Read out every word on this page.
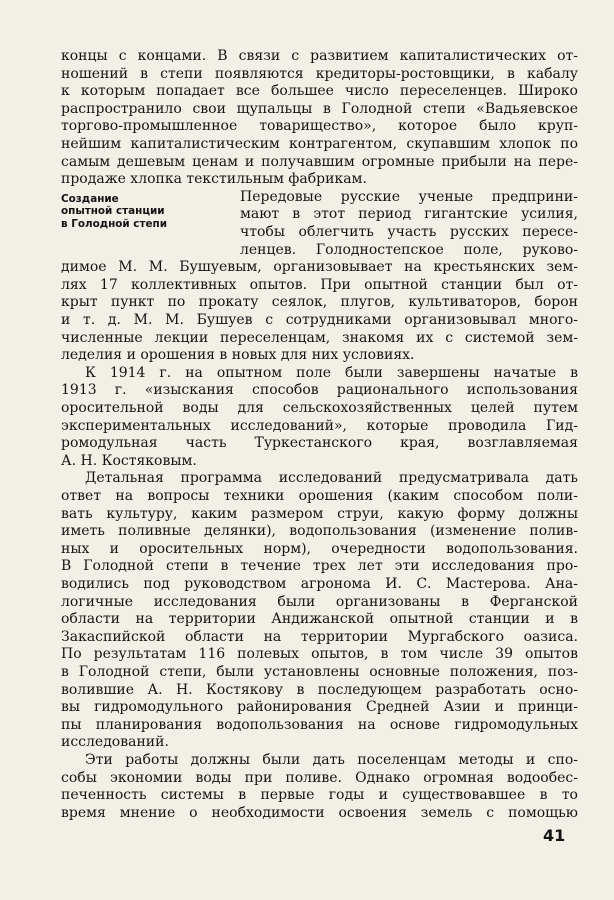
концы с концами. В связи с развитием капиталистических от-
ношений в степи появляются кредиторы-ростовщики, в кабалу
к которым попадает все большее число переселенцев. Широко
распространило свои щупальцы в Голодной степи «Вадьяевское
торгово-промышленное товарищество», которое было круп-
нейшим капиталистическим контрагентом, скупавшим хлопок по
самым дешевым ценам и получавшим огромные прибыли на пере-
продаже хлопка текстильным фабрикам.
Создание
опытной станции
в Голодной степи
Передовые русские ученые предприни-
мают в этот период гигантские усилия,
чтобы облегчить участь русских пересе-
ленцев. Голодностепское поле, руково-
димое М. М. Бушуевым, организовывает на крестьянских зем-
лях 17 коллективных опытов. При опытной станции был от-
крыт пункт по прокату сеялок, плугов, культиваторов, борон
и т. д. М. М. Бушуев с сотрудниками организовывал много-
численные лекции переселенцам, знакомя их с системой зем-
леделия и орошения в новых для них условиях.
К 1914 г. на опытном поле были завершены начатые в
1913 г. «изыскания способов рационального использования
оросительной воды для сельскохозяйственных целей путем
экспериментальных исследований», которые проводила Гид-
ромодульная часть Туркестанского края, возглавляемая
А. Н. Костяковым.
Детальная программа исследований предусматривала дать
ответ на вопросы техники орошения (каким способом поли-
вать культуру, каким размером струи, какую форму должны
иметь поливные делянки), водопользования (изменение полив-
ных и оросительных норм), очередности водопользования.
В Голодной степи в течение трех лет эти исследования про-
водились под руководством агронома И. С. Мастерова. Ана-
логичные исследования были организованы в Ферганской
области на территории Андижанской опытной станции и в
Закаспийской области на территории Мургабского оазиса.
По результатам 116 полевых опытов, в том числе 39 опытов
в Голодной степи, были установлены основные положения, поз-
волившие А. Н. Костякову в последующем разработать осно-
вы гидромодульного районирования Средней Азии и принци-
пы планирования водопользования на основе гидромодульных
исследований.
Эти работы должны были дать поселенцам методы и спо-
собы экономии воды при поливе. Однако огромная водообес-
41
печенность системы в первые годы и существовавшее в то
время мнение о необходимости освоения земель с помощью
